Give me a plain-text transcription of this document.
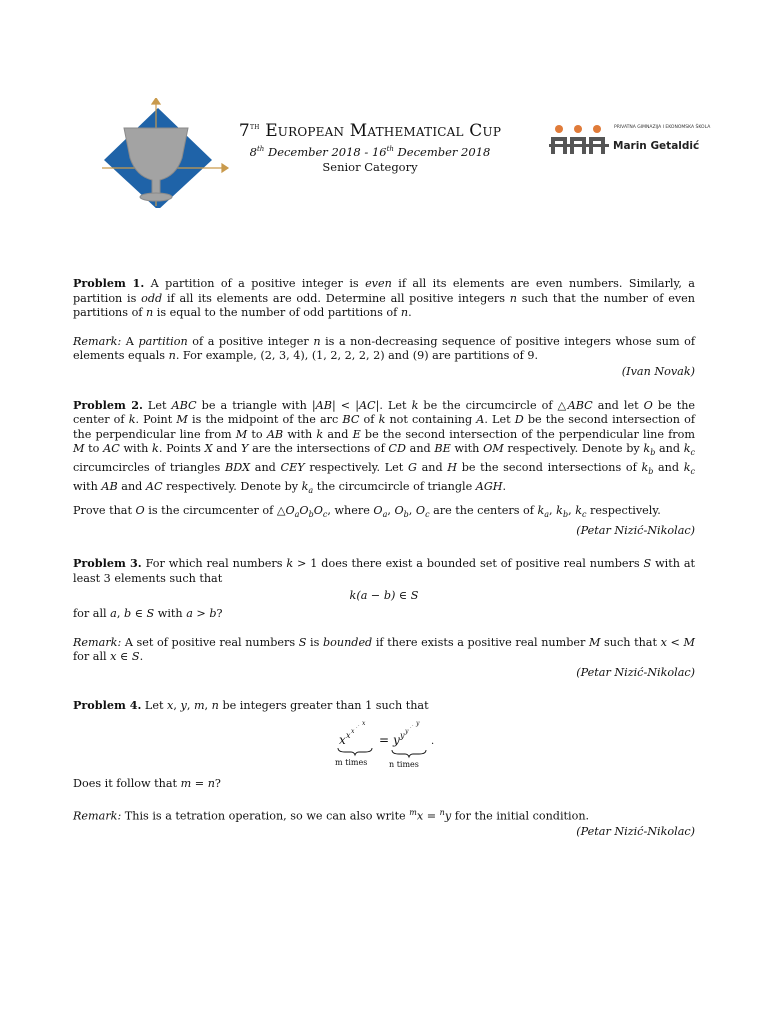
7th European Mathematical Cup
8th December 2018 - 16th December 2018
Senior Category
PRIVATNA GIMNAZIJA I EKONOMSKA ŠKOLA
Marin Getaldić

Problem 1. A partition of a positive integer is even if all its elements are even numbers. Similarly, a partition is odd if all its elements are odd. Determine all positive integers n such that the number of even partitions of n is equal to the number of odd partitions of n.

Remark: A partition of a positive integer n is a non-decreasing sequence of positive integers whose sum of elements equals n. For example, (2, 3, 4), (1, 2, 2, 2, 2) and (9) are partitions of 9.

(Ivan Novak)

Problem 2. Let ABC be a triangle with |AB| < |AC|. Let k be the circumcircle of △ABC and let O be the center of k. Point M is the midpoint of the arc BC of k not containing A. Let D be the second intersection of the perpendicular line from M to AB with k and E be the second intersection of the perpendicular line from M to AC with k. Points X and Y are the intersections of CD and BE with OM respectively. Denote by $k_b$ and $k_c$ circumcircles of triangles BDX and CEY respectively. Let G and H be the second intersections of $k_b$ and $k_c$ with AB and AC respectively. Denote by $k_a$ the circumcircle of triangle AGH.

Prove that O is the circumcenter of $\triangle O_aO_bO_c$, where $O_a$, $O_b$, $O_c$ are the centers of $k_a$, $k_b$, $k_c$ respectively.

(Petar Nizić-Nikolac)

Problem 3. For which real numbers k > 1 does there exist a bounded set of positive real numbers S with at least 3 elements such that

k(a − b) ∈ S

for all a, b ∈ S with a > b?

Remark: A set of positive real numbers S is bounded if there exists a positive real number M such that x < M for all x ∈ S.

(Petar Nizić-Nikolac)

Problem 4. Let x, y, m, n be integers greater than 1 such that

x x x · · x
= y y y · · y
.
m times	n times

Does it follow that m = n?

Remark: This is a tetration operation, so we can also write $^m$x = $^n$y for the initial condition.

(Petar Nizić-Nikolac)
